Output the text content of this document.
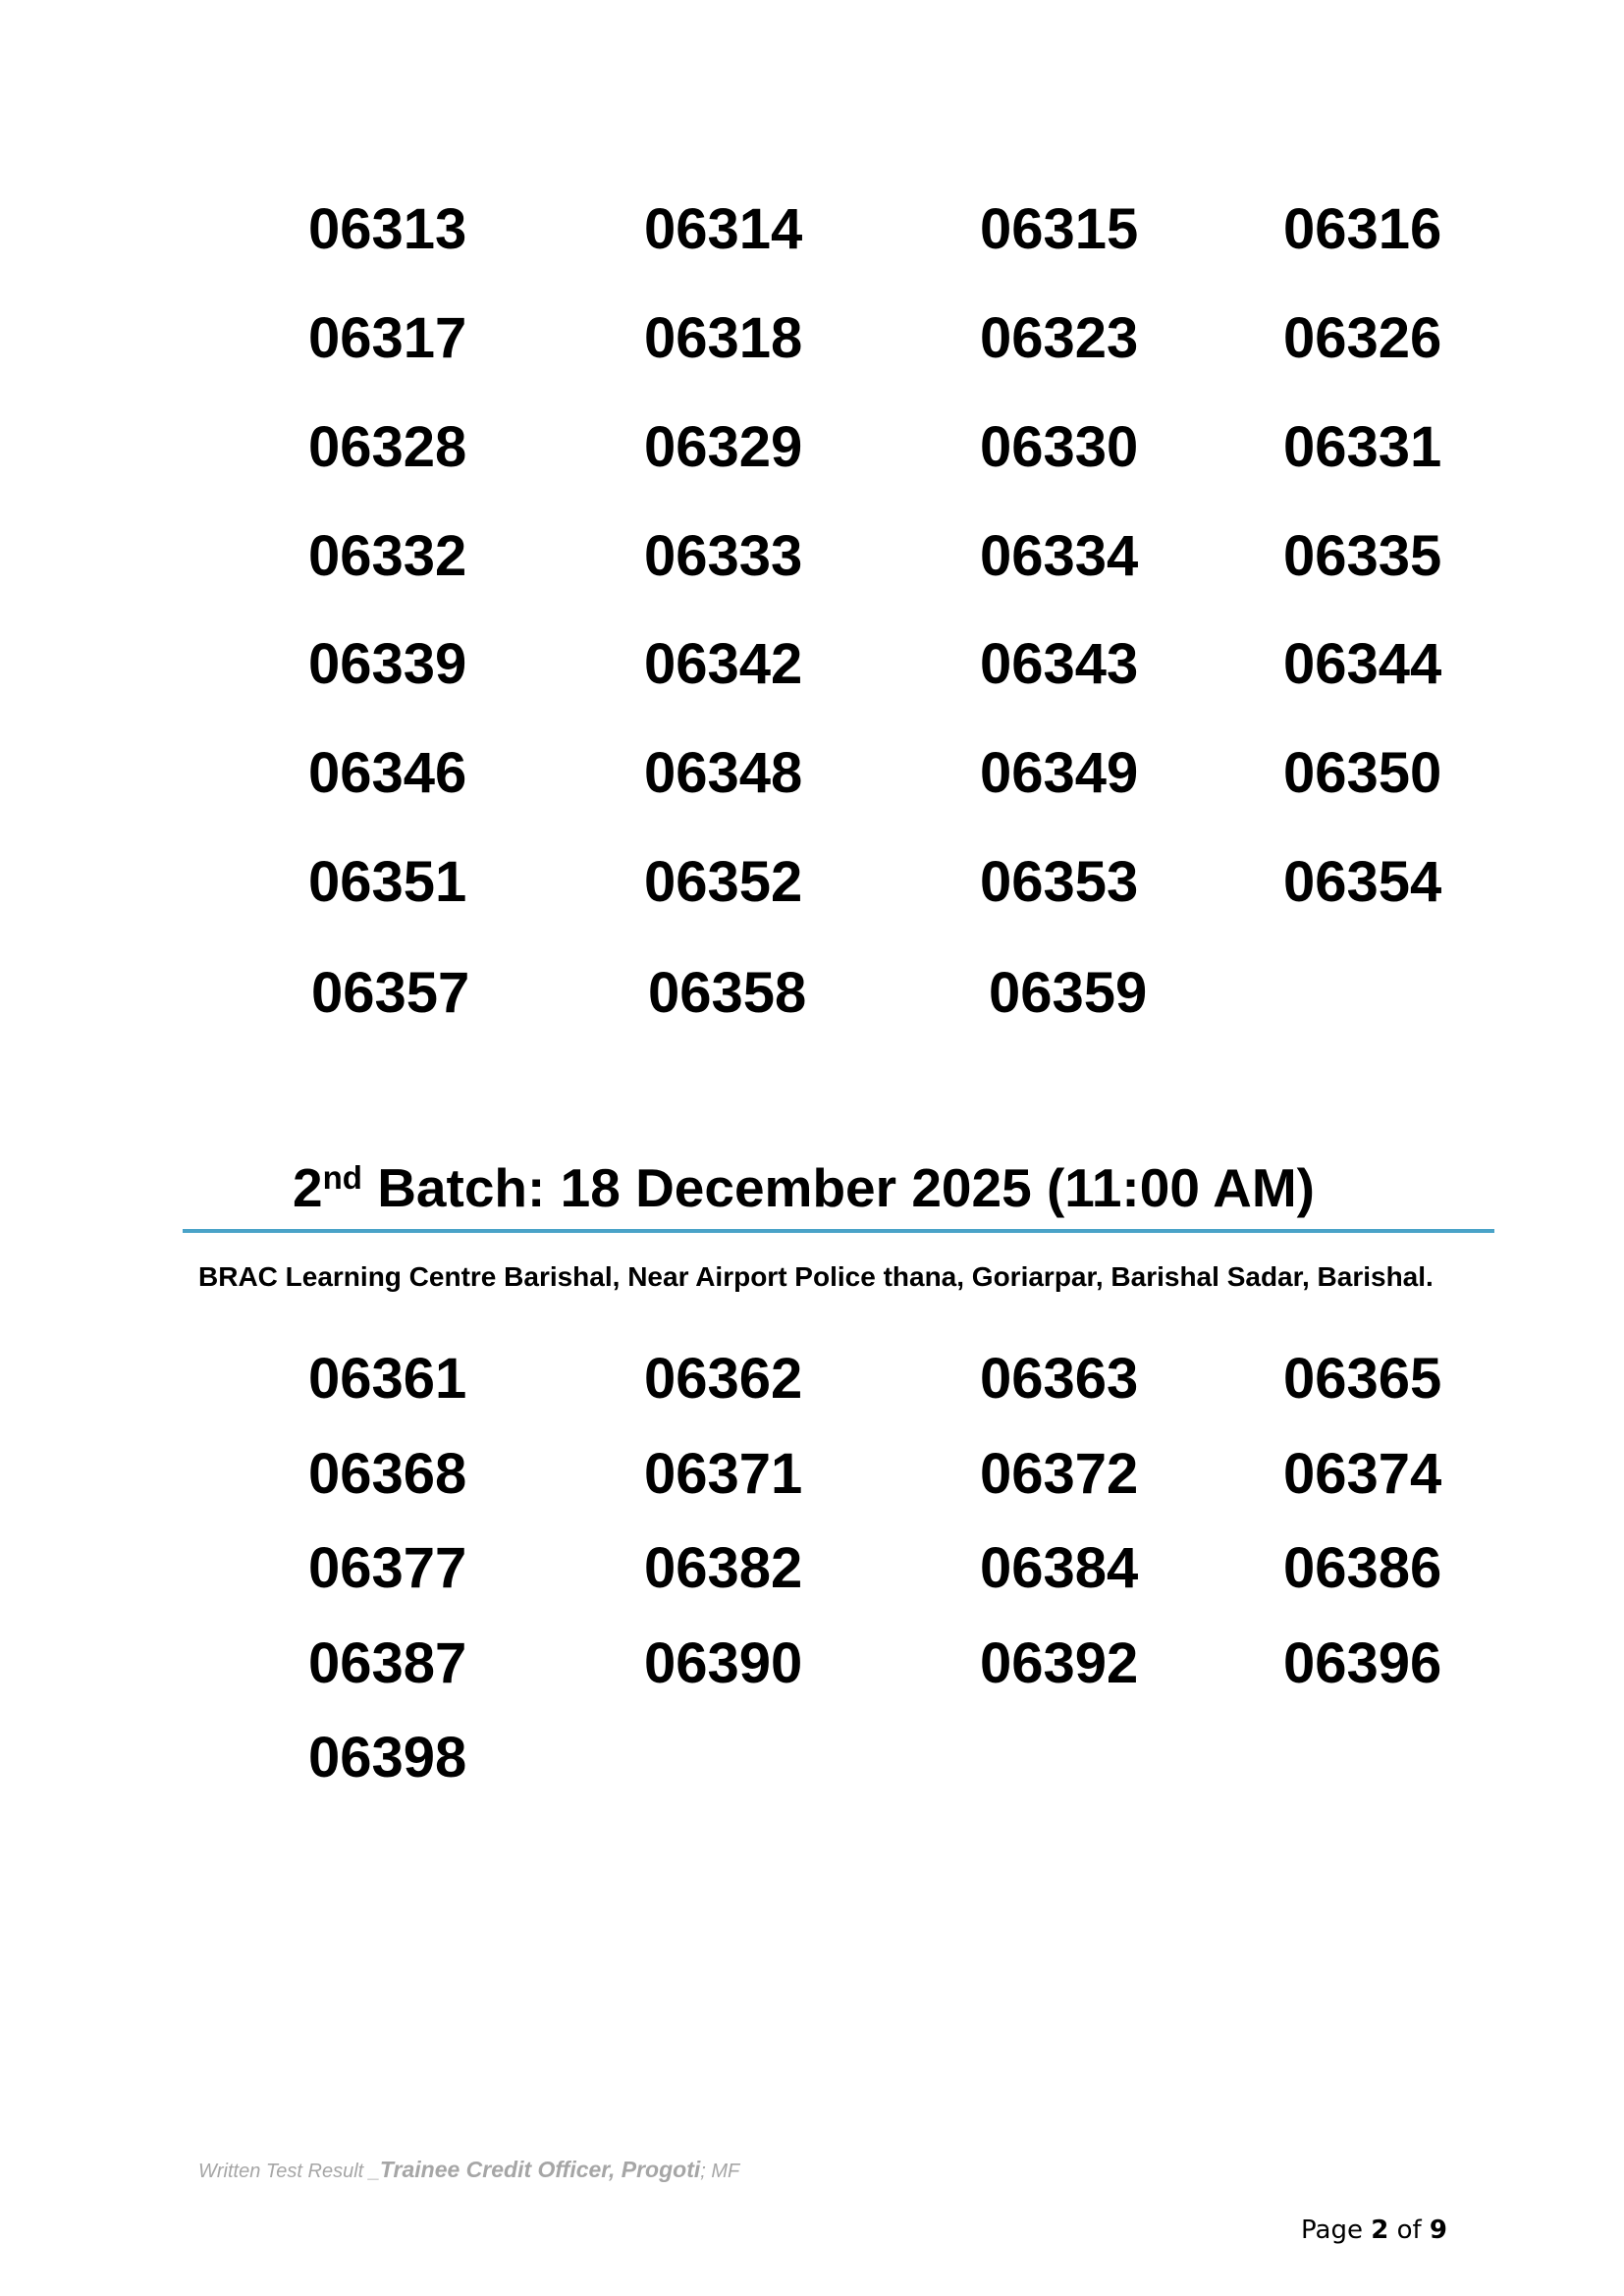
06313	06314	06315	06316
06317	06318	06323	06326
06328	06329	06330	06331
06332	06333	06334	06335
06339	06342	06343	06344
06346	06348	06349	06350
06351	06352	06353	06354
06357	06358	06359
2nd Batch: 18 December 2025 (11:00 AM)
BRAC Learning Centre Barishal, Near Airport Police thana, Goriarpar, Barishal Sadar, Barishal.
06361	06362	06363	06365
06368	06371	06372	06374
06377	06382	06384	06386
06387	06390	06392	06396
06398
Written Test Result _Trainee Credit Officer, Progoti; MF
Page 2 of 9
